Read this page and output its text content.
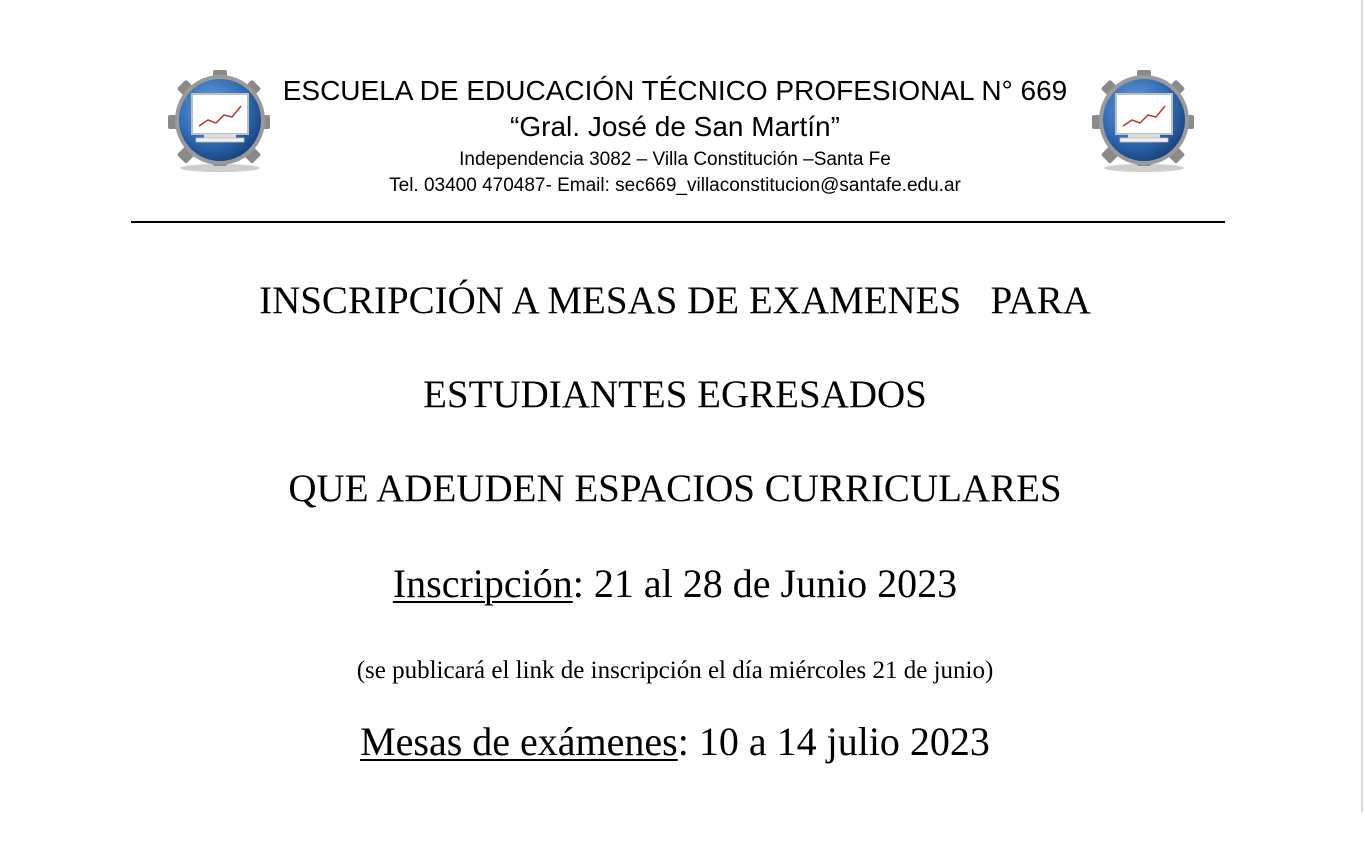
ESCUELA DE EDUCACIÓN TÉCNICO PROFESIONAL N° 669
“Gral. José de San Martín”
Independencia 3082 – Villa Constitución –Santa Fe
Tel. 03400 470487- Email: sec669_villaconstitucion@santafe.edu.ar
INSCRIPCIÓN A MESAS DE EXAMENES   PARA
ESTUDIANTES EGRESADOS
QUE ADEUDEN ESPACIOS CURRICULARES
Inscripción: 21 al 28 de Junio 2023
(se publicará el link de inscripción el día miércoles 21 de junio)
Mesas de exámenes: 10 a 14 julio 2023
